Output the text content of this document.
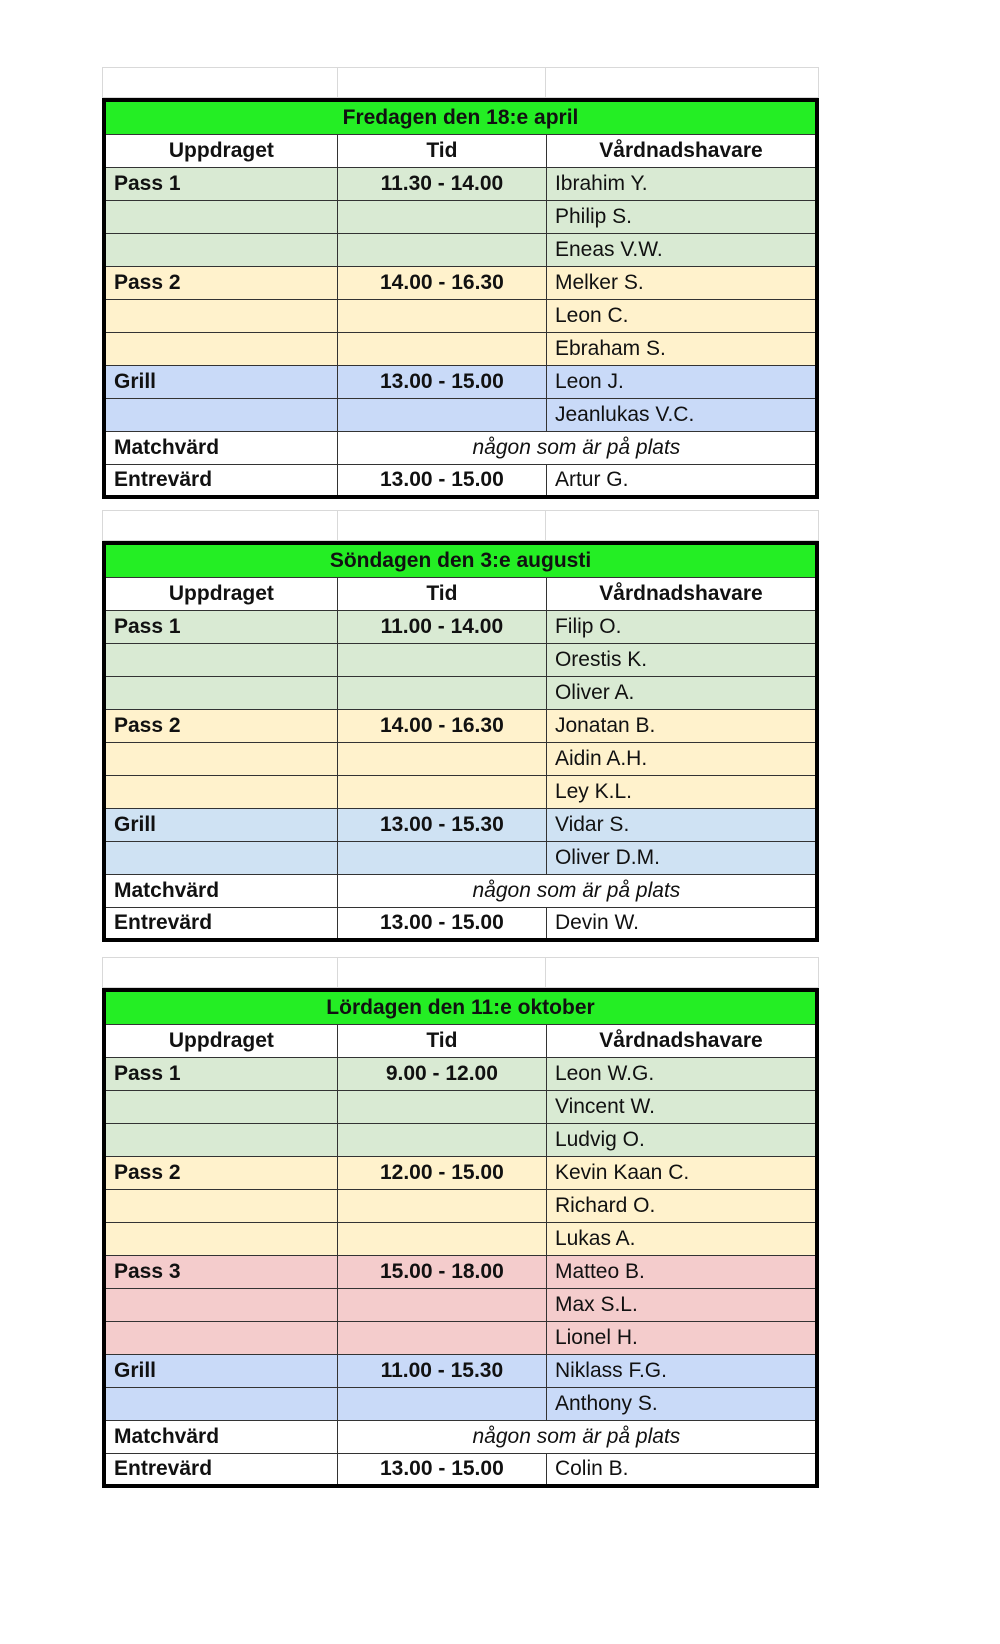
Fredagen den 18:e april		
Uppdraget	Tid	Vårdnadshavare
Pass 1	11.30 - 14.00	Ibrahim Y.
		Philip S.
		Eneas V.W.
Pass 2	14.00 - 16.30	Melker S.
		Leon C.
		Ebraham S.
Grill	13.00 - 15.00	Leon J.
		Jeanlukas V.C.
Matchvärd	någon som är på plats	
Entrevärd	13.00 - 15.00	Artur G.
Söndagen den 3:e augusti		
Uppdraget	Tid	Vårdnadshavare
Pass 1	11.00 - 14.00	Filip O.
		Orestis K.
		Oliver A.
Pass 2	14.00 - 16.30	Jonatan B.
		Aidin A.H.
		Ley K.L.
Grill	13.00 - 15.30	Vidar S.
		Oliver D.M.
Matchvärd	någon som är på plats	
Entrevärd	13.00 - 15.00	Devin W.
Lördagen den 11:e oktober		
Uppdraget	Tid	Vårdnadshavare
Pass 1	9.00 - 12.00	Leon W.G.
		Vincent W.
		Ludvig O.
Pass 2	12.00 - 15.00	Kevin Kaan C.
		Richard O.
		Lukas A.
Pass 3	15.00 - 18.00	Matteo B.
		Max S.L.
		Lionel H.
Grill	11.00 - 15.30	Niklass F.G.
		Anthony S.
Matchvärd	någon som är på plats	
Entrevärd	13.00 - 15.00	Colin B.
